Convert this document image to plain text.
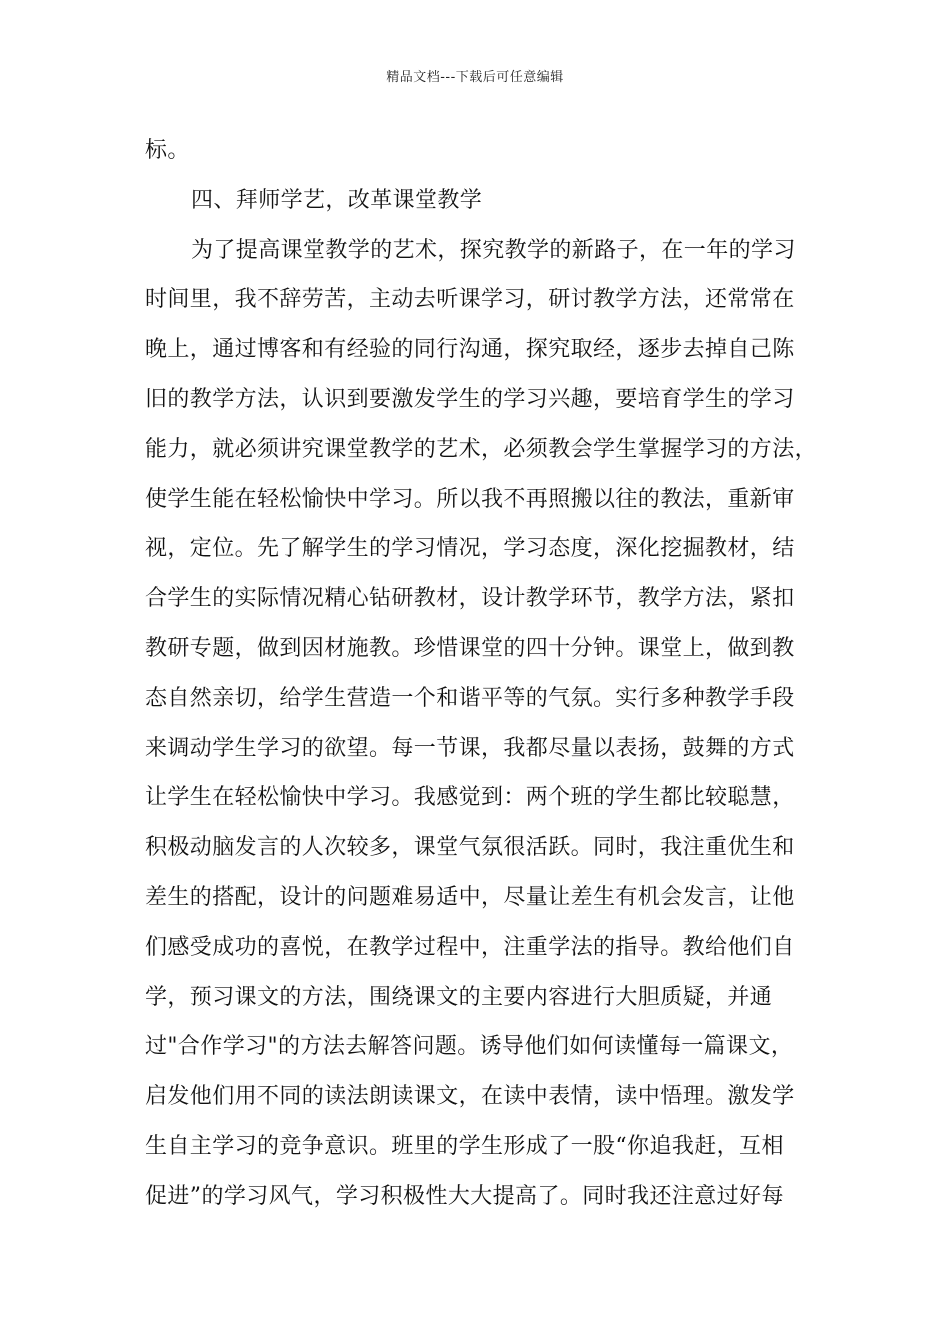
精品文档---下载后可任意编辑
标。
四、拜师学艺，改革课堂教学
为了提高课堂教学的艺术，探究教学的新路子，在一年的学习
时间里，我不辞劳苦，主动去听课学习，研讨教学方法，还常常在
晚上，通过博客和有经验的同行沟通，探究取经，逐步去掉自己陈
旧的教学方法，认识到要激发学生的学习兴趣，要培育学生的学习
能力，就必须讲究课堂教学的艺术，必须教会学生掌握学习的方法，
使学生能在轻松愉快中学习。所以我不再照搬以往的教法，重新审
视，定位。先了解学生的学习情况，学习态度，深化挖掘教材，结
合学生的实际情况精心钻研教材，设计教学环节，教学方法，紧扣
教研专题，做到因材施教。珍惜课堂的四十分钟。课堂上，做到教
态自然亲切，给学生营造一个和谐平等的气氛。实行多种教学手段
来调动学生学习的欲望。每一节课，我都尽量以表扬，鼓舞的方式
让学生在轻松愉快中学习。我感觉到：两个班的学生都比较聪慧，
积极动脑发言的人次较多，课堂气氛很活跃。同时，我注重优生和
差生的搭配，设计的问题难易适中，尽量让差生有机会发言，让他
们感受成功的喜悦，在教学过程中，注重学法的指导。教给他们自
学，预习课文的方法，围绕课文的主要内容进行大胆质疑，并通
过"合作学习"的方法去解答问题。诱导他们如何读懂每一篇课文，
启发他们用不同的读法朗读课文，在读中表情，读中悟理。激发学
生自主学习的竞争意识。班里的学生形成了一股“你追我赶，互相
促进”的学习风气，学习积极性大大提高了。同时我还注意过好每
